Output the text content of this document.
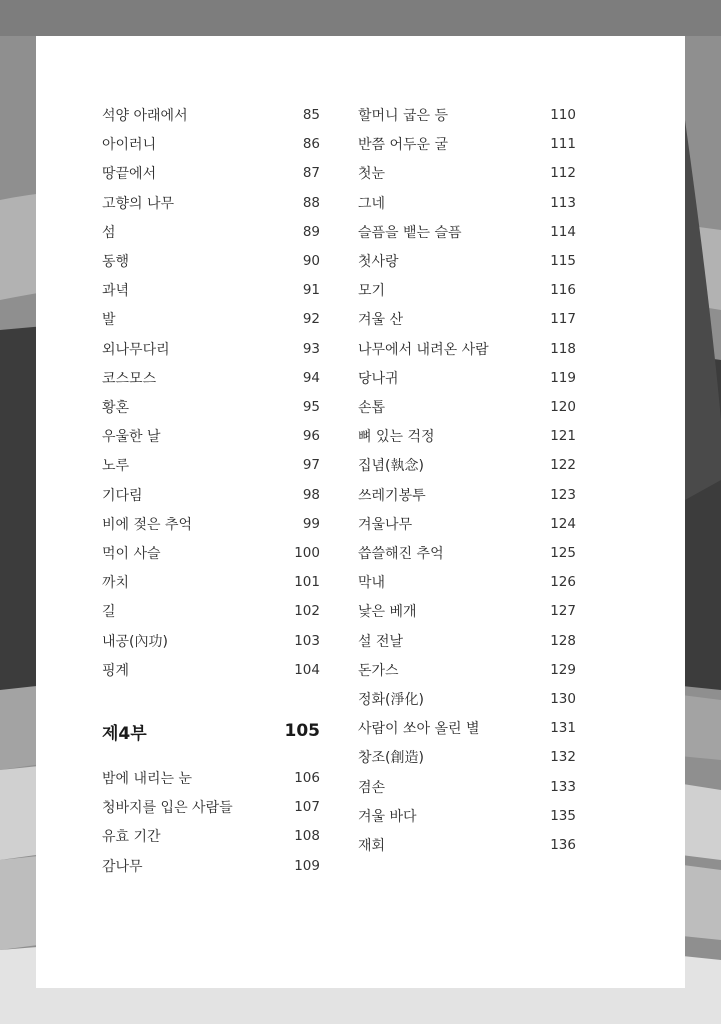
석양 아래에서	85
아이러니	86
땅끝에서	87
고향의 나무	88
섬	89
동행	90
과녁	91
발	92
외나무다리	93
코스모스	94
황혼	95
우울한 날	96
노루	97
기다림	98
비에 젖은 추억	99
먹이 사슬	100
까치	101
길	102
내공(內功)	103
핑계	104
제4부	105
밤에 내리는 눈	106
청바지를 입은 사람들	107
유효 기간	108
감나무	109
할머니 굽은 등	110
반쯤 어두운 굴	111
첫눈	112
그네	113
슬픔을 뱉는 슬픔	114
첫사랑	115
모기	116
겨울 산	117
나무에서 내려온 사람	118
당나귀	119
손톱	120
뼈 있는 걱정	121
집념(執念)	122
쓰레기봉투	123
겨울나무	124
씁쓸해진 추억	125
막내	126
낯은 베개	127
설 전날	128
돈가스	129
정화(淨化)	130
사람이 쏘아 올린 별	131
창조(創造)	132
겸손	133
겨울 바다	135
재회	136
